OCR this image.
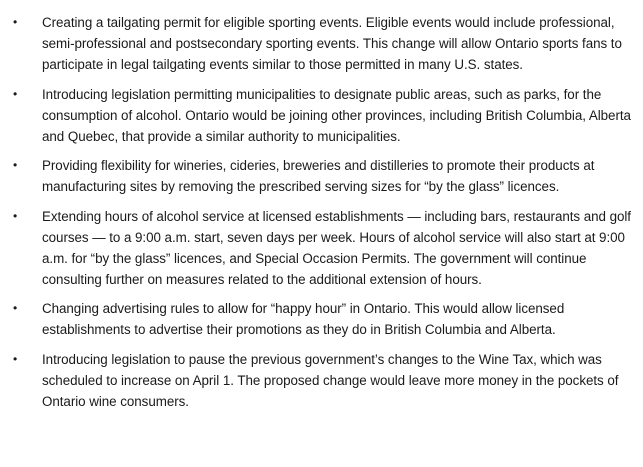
• Creating a tailgating permit for eligible sporting events. Eligible events would include professional, semi-professional and postsecondary sporting events. This change will allow Ontario sports fans to participate in legal tailgating events similar to those permitted in many U.S. states.
• Introducing legislation permitting municipalities to designate public areas, such as parks, for the consumption of alcohol. Ontario would be joining other provinces, including British Columbia, Alberta and Quebec, that provide a similar authority to municipalities.
• Providing flexibility for wineries, cideries, breweries and distilleries to promote their products at manufacturing sites by removing the prescribed serving sizes for “by the glass” licences.
• Extending hours of alcohol service at licensed establishments — including bars, restaurants and golf courses — to a 9:00 a.m. start, seven days per week. Hours of alcohol service will also start at 9:00 a.m. for “by the glass” licences, and Special Occasion Permits. The government will continue consulting further on measures related to the additional extension of hours.
• Changing advertising rules to allow for “happy hour” in Ontario. This would allow licensed establishments to advertise their promotions as they do in British Columbia and Alberta.
• Introducing legislation to pause the previous government’s changes to the Wine Tax, which was scheduled to increase on April 1. The proposed change would leave more money in the pockets of Ontario wine consumers.
